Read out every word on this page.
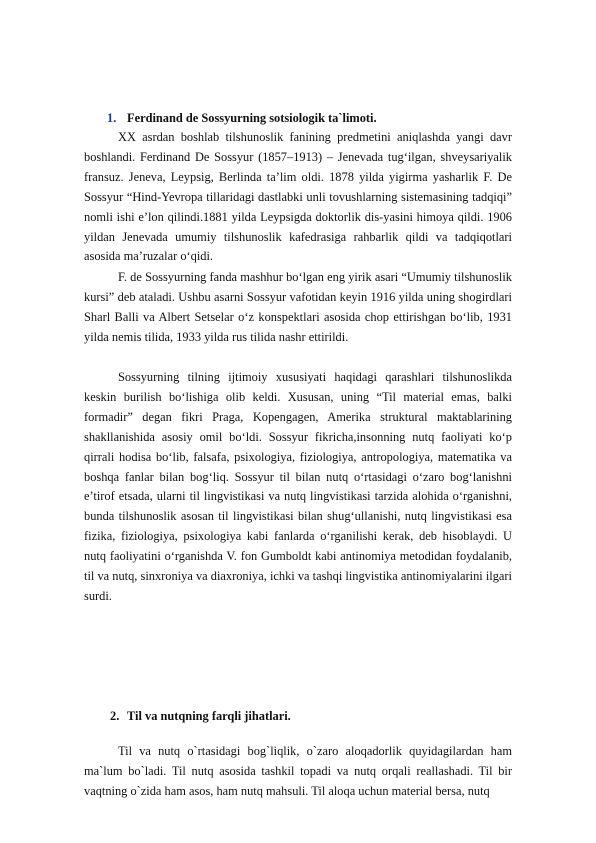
1. Ferdinand de Sossyurning sotsiologik ta`limoti.

XX asrdan boshlab tilshunoslik fanining predmetini aniqlashda yangi davr boshlandi. Ferdinand De Sossyur (1857–1913) – Jenevada tug‘ilgan, shveysariyalik fransuz. Jeneva, Leypsig, Berlinda ta’lim oldi. 1878 yilda yigirma yasharlik F. De Sossyur “Hind-Yevropa tillaridagi dastlabki unli tovushlarning sistemasining tadqiqi” nomli ishi e’lon qilindi.1881 yilda Leypsigda doktorlik dis-yasini himoya qildi. 1906 yildan Jenevada umumiy tilshunoslik kafedrasiga rahbarlik qildi va tadqiqotlari asosida ma’ruzalar o‘qidi.

F. de Sossyurning fanda mashhur bo‘lgan eng yirik asari “Umumiy tilshunoslik kursi” deb ataladi. Ushbu asarni Sossyur vafotidan keyin 1916 yilda uning shogirdlari Sharl Balli va Albert Setselar o‘z konspektlari asosida chop ettirishgan bo‘lib, 1931 yilda nemis tilida, 1933 yilda rus tilida nashr ettirildi.

Sossyurning tilning ijtimoiy xususiyati haqidagi qarashlari tilshunoslikda keskin burilish bo‘lishiga olib keldi. Xususan, uning “Til material emas, balki formadir” degan fikri Praga, Kopengagen, Amerika struktural maktablarining shakllanishida asosiy omil bo‘ldi. Sossyur fikricha,insonning nutq faoliyati ko‘p qirrali hodisa bo‘lib, falsafa, psixologiya, fiziologiya, antropologiya, matematika va boshqa fanlar bilan bog‘liq. Sossyur til bilan nutq o‘rtasidagi o‘zaro bog‘lanishni e’tirof etsada, ularni til lingvistikasi va nutq lingvistikasi tarzida alohida o‘rganishni, bunda tilshunoslik asosan til lingvistikasi bilan shug‘ullanishi, nutq lingvistikasi esa fizika, fiziologiya, psixologiya kabi fanlarda o‘rganilishi kerak, deb hisoblaydi. U nutq faoliyatini o‘rganishda V. fon Gumboldt kabi antinomiya metodidan foydalanib, til va nutq, sinxroniya va diaxroniya, ichki va tashqi lingvistika antinomiyalarini ilgari surdi.

2. Til va nutqning farqli jihatlari.

Til va nutq o`rtasidagi bog`liqlik, o`zaro aloqadorlik quyidagilardan ham ma`lum bo`ladi. Til nutq asosida tashkil topadi va nutq orqali reallashadi. Til bir vaqtning o`zida ham asos, ham nutq mahsuli. Til aloqa uchun material bersa, nutq
